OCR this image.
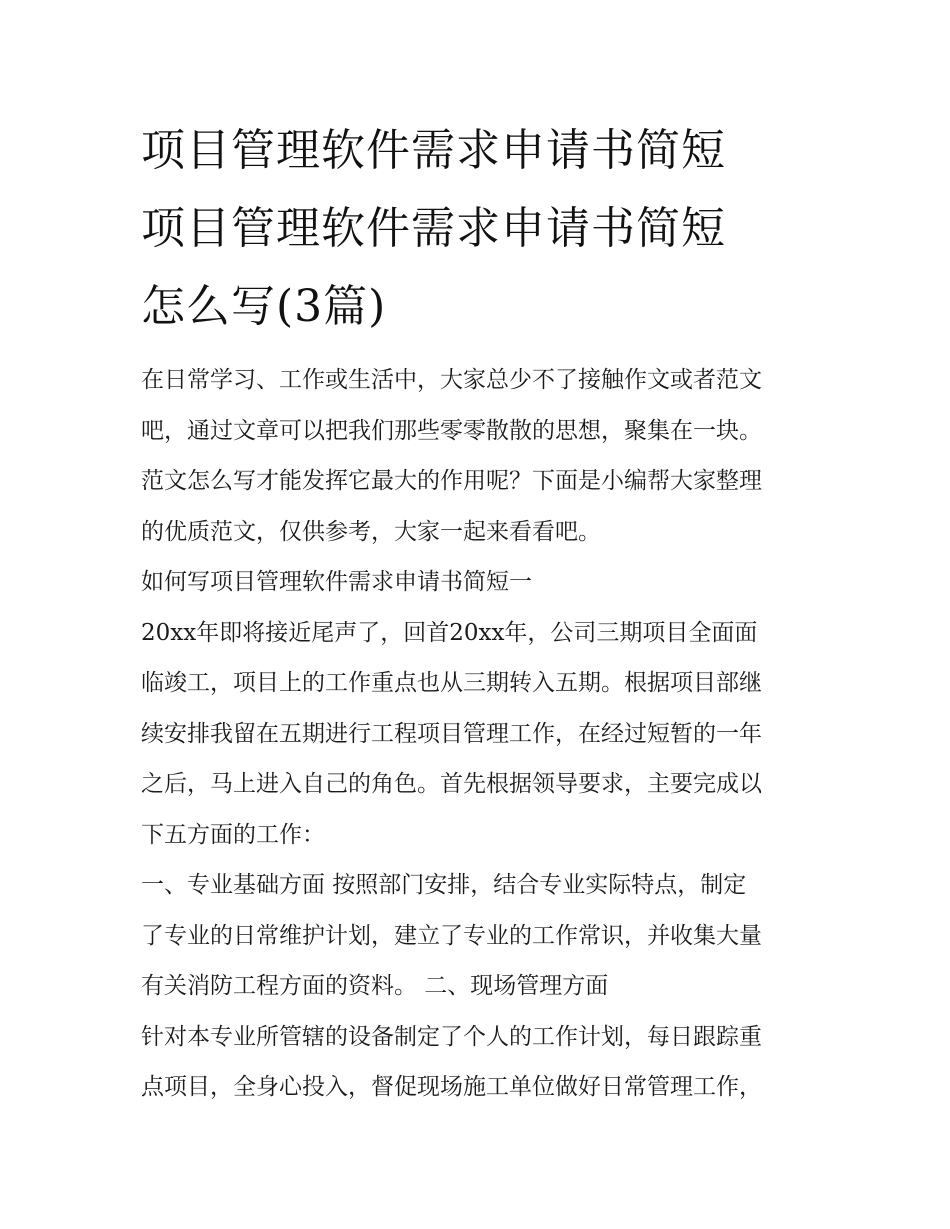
项目管理软件需求申请书简短
项目管理软件需求申请书简短
怎么写(3篇)
在日常学习、工作或生活中，大家总少不了接触作文或者范文
吧，通过文章可以把我们那些零零散散的思想，聚集在一块。
范文怎么写才能发挥它最大的作用呢？下面是小编帮大家整理
的优质范文，仅供参考，大家一起来看看吧。
如何写项目管理软件需求申请书简短一
20xx年即将接近尾声了，回首20xx年，公司三期项目全面面
临竣工，项目上的工作重点也从三期转入五期。根据项目部继
续安排我留在五期进行工程项目管理工作，在经过短暂的一年
之后，马上进入自己的角色。首先根据领导要求，主要完成以
下五方面的工作：
一、专业基础方面 按照部门安排，结合专业实际特点，制定
了专业的日常维护计划，建立了专业的工作常识，并收集大量
有关消防工程方面的资料。 二、现场管理方面
针对本专业所管辖的设备制定了个人的工作计划，每日跟踪重
点项目，全身心投入，督促现场施工单位做好日常管理工作，
